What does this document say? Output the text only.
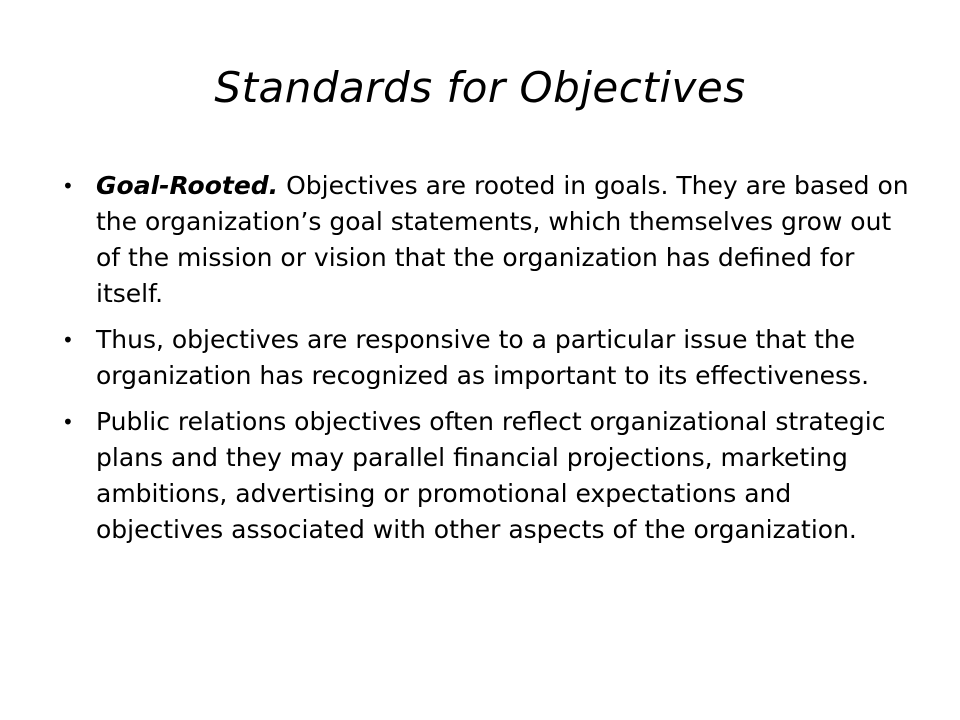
Standards for Objectives
• Goal-Rooted. Objectives are rooted in goals. They are based on the organization’s goal statements, which themselves grow out of the mission or vision that the organization has defined for itself.
• Thus, objectives are responsive to a particular issue that the organization has recognized as important to its effectiveness.
• Public relations objectives often reflect organizational strategic plans and they may parallel financial projections, marketing ambitions, advertising or promotional expectations and objectives associated with other aspects of the organization.
